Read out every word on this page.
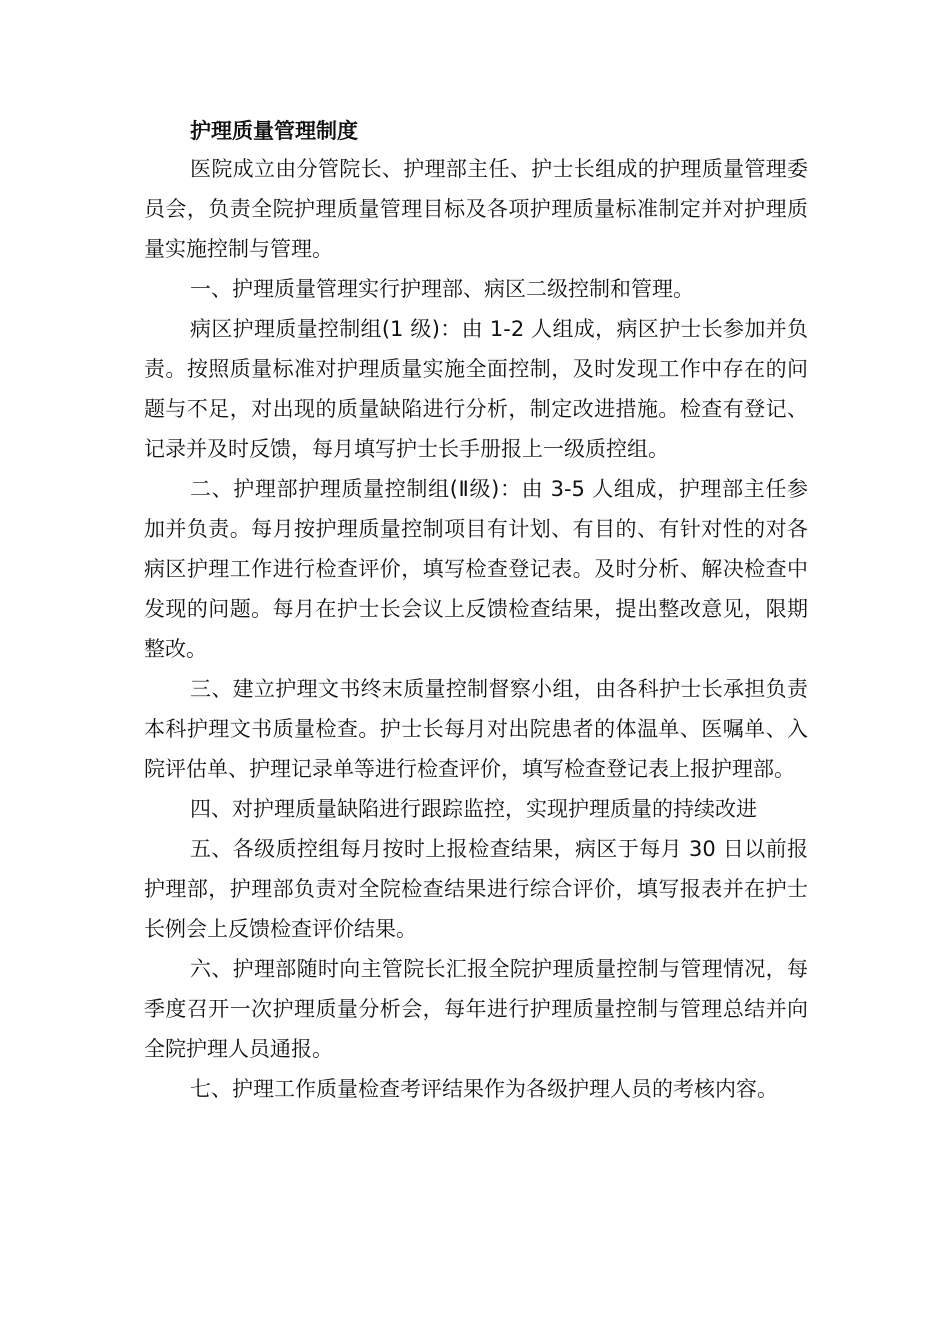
护理质量管理制度

医院成立由分管院长、护理部主任、护士长组成的护理质量管理委员会，负责全院护理质量管理目标及各项护理质量标准制定并对护理质量实施控制与管理。

一、护理质量管理实行护理部、病区二级控制和管理。

病区护理质量控制组(1 级)：由 1-2 人组成，病区护士长参加并负责。按照质量标准对护理质量实施全面控制，及时发现工作中存在的问题与不足，对出现的质量缺陷进行分析，制定改进措施。检查有登记、记录并及时反馈，每月填写护士长手册报上一级质控组。

二、护理部护理质量控制组(Ⅱ级)：由 3-5 人组成，护理部主任参加并负责。每月按护理质量控制项目有计划、有目的、有针对性的对各病区护理工作进行检查评价，填写检查登记表。及时分析、解决检查中发现的问题。每月在护士长会议上反馈检查结果，提出整改意见，限期整改。

三、建立护理文书终末质量控制督察小组，由各科护士长承担负责本科护理文书质量检查。护士长每月对出院患者的体温单、医嘱单、入院评估单、护理记录单等进行检查评价，填写检查登记表上报护理部。

四、对护理质量缺陷进行跟踪监控，实现护理质量的持续改进

五、各级质控组每月按时上报检查结果，病区于每月 30 日以前报护理部，护理部负责对全院检查结果进行综合评价，填写报表并在护士长例会上反馈检查评价结果。

六、护理部随时向主管院长汇报全院护理质量控制与管理情况，每季度召开一次护理质量分析会，每年进行护理质量控制与管理总结并向全院护理人员通报。

七、护理工作质量检查考评结果作为各级护理人员的考核内容。
